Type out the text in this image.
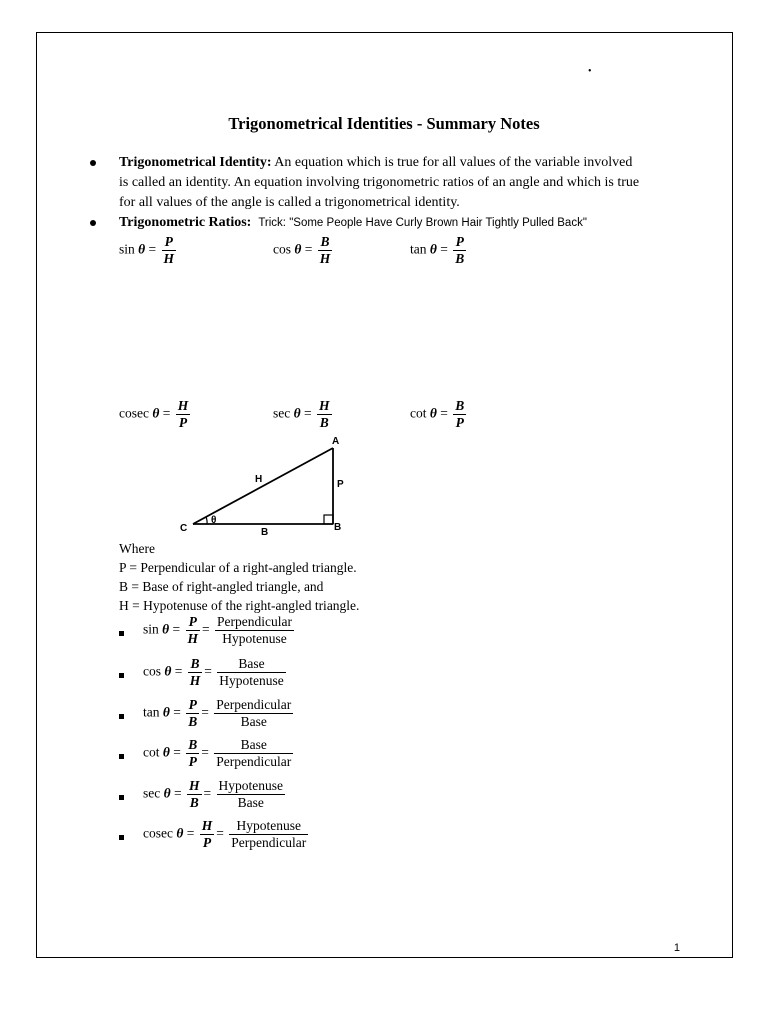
•
Trigonometrical Identities - Summary Notes
Trigonometrical Identity: An equation which is true for all values of the variable involved
is called an identity. An equation involving trigonometric ratios of an angle and which is true
for all values of the angle is called a trigonometrical identity.
Trigonometric Ratios: Trick: "Some People Have Curly Brown Hair Tightly Pulled Back"
$\sin \theta = \frac{P}{H}$	$\cos \theta = \frac{B}{H}$	$\tan \theta = \frac{P}{B}$
cosec $\theta = \frac{H}{P}$	$\sec \theta = \frac{H}{B}$	$\cot \theta = \frac{B}{P}$
A
B
C
H	P
B
θ
Where
P = Perpendicular of a right-angled triangle.
B = Base of right-angled triangle, and
H = Hypotenuse of the right-angled triangle.
$\sin \theta = \frac{P}{H} = \frac{\text{Perpendicular}}{\text{Hypotenuse}}$
$\cos \theta = \frac{B}{H} = \frac{\text{Base}}{\text{Hypotenuse}}$
$\tan \theta = \frac{P}{B} = \frac{\text{Perpendicular}}{\text{Base}}$
$\cot \theta = \frac{B}{P} = \frac{\text{Base}}{\text{Perpendicular}}$
$\sec \theta = \frac{H}{B} = \frac{\text{Hypotenuse}}{\text{Base}}$
cosec $\theta = \frac{H}{P} = \frac{\text{Hypotenuse}}{\text{Perpendicular}}$
1
